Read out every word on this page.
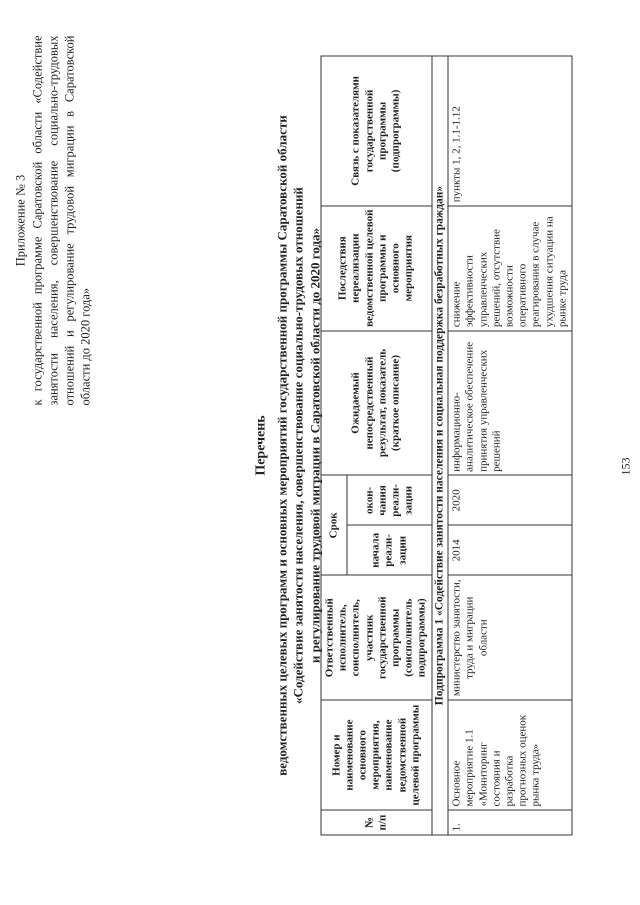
153
Приложение № 3 к государственной программе Саратовской области «Содействие занятости населения, совершенствование социально-трудовых отношений и регулирование трудовой миграции в Саратовской области до 2020 года»
Перечень ведомственных целевых программ и основных мероприятий государственной программы Саратовской области «Содействие занятости населения, совершенствование социально-трудовых отношений и регулирование трудовой миграции в Саратовской области до 2020 года»
№ п/п	Номер и наименование основного мероприятия, наименование ведомственной целевой программы	Ответственный исполнитель, соисполнитель, участник государственной программы (соисполнитель подпрограммы)	Срок		Ожидаемый непосредственный результат, показатель (краткое описание)	Последствия нереализации ведомственной целевой программы и основного мероприятия	Связь с показателями государственной программы (подпрограммы)
			начала реали-зации	окон-чания реали-зации			
Подпрограмма 1 «Содействие занятости населения и социальная поддержка безработных граждан»							
1.	Основное мероприятие 1.1 «Мониторинг состояния и разработка прогнозных оценок рынка труда»	министерство занятости, труда и миграции области	2014	2020	информационно-аналитическое обеспечение принятия управленческих решений	снижение эффективности управленческих решений, отсутствие возможности оперативного реагирования в случае ухудшения ситуации на рынке труда	пункты 1, 2, 1.1-1.12
